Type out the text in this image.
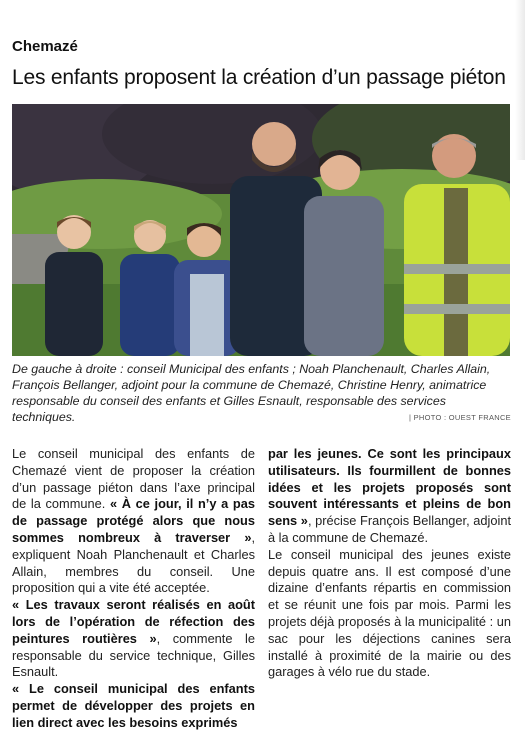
Chemazé
Les enfants proposent la création d’un passage piéton
De gauche à droite : conseil Municipal des enfants ; Noah Planchenault, Charles Allain, François Bellanger, adjoint pour la commune de Chemazé, Christine Henry, animatrice responsable du conseil des enfants et Gilles Esnault, responsable des services techniques.	| PHOTO : OUEST FRANCE

Le conseil municipal des enfants de Chemazé vient de proposer la création d’un passage piéton dans l’axe principal de la commune. « À ce jour, il n’y a pas de passage protégé alors que nous sommes nombreux à traverser », expliquent Noah Planchenault et Charles Allain, membres du conseil. Une proposition qui a vite été acceptée.

« Les travaux seront réalisés en août lors de l’opération de réfection des peintures routières », commente le responsable du service technique, Gilles Esnault.

« Le conseil municipal des enfants permet de développer des projets en lien direct avec les besoins exprimés

par les jeunes. Ce sont les principaux utilisateurs. Ils fourmillent de bonnes idées et les projets proposés sont souvent intéressants et pleins de bon sens », précise François Bellanger, adjoint à la commune de Chemazé.

Le conseil municipal des jeunes existe depuis quatre ans. Il est composé d’une dizaine d’enfants répartis en commission et se réunit une fois par mois. Parmi les projets déjà proposés à la municipalité : un sac pour les déjections canines sera installé à proximité de la mairie ou des garages à vélo rue du stade.
